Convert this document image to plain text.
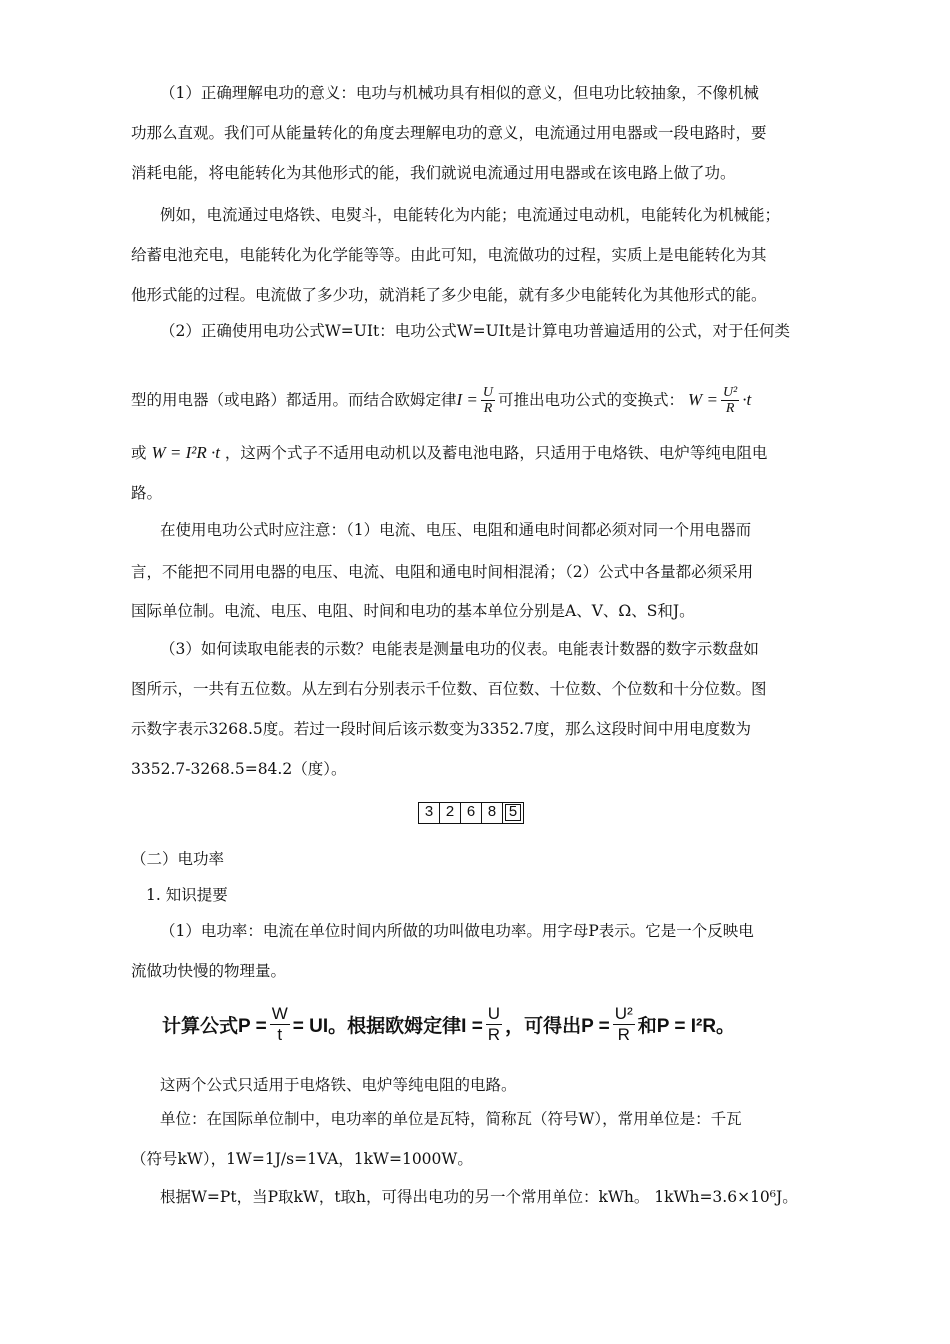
（1）正确理解电功的意义：电功与机械功具有相似的意义，但电功比较抽象，不像机械
功那么直观。我们可从能量转化的角度去理解电功的意义，电流通过用电器或一段电路时，要
消耗电能，将电能转化为其他形式的能，我们就说电流通过用电器或在该电路上做了功。
例如，电流通过电烙铁、电熨斗，电能转化为内能；电流通过电动机，电能转化为机械能；
给蓄电池充电，电能转化为化学能等等。由此可知，电流做功的过程，实质上是电能转化为其
他形式能的过程。电流做了多少功，就消耗了多少电能，就有多少电能转化为其他形式的能。
（2）正确使用电功公式W=UIt：电功公式W=UIt是计算电功普遍适用的公式，对于任何类
型的用电器（或电路）都适用。而结合欧姆定律 $I = \frac{U}{R}$ 可推出电功公式的变换式： $W = \frac{\text{U²}}{R} \cdot t$
或 W = I²R ·t ，这两个式子不适用电动机以及蓄电池电路，只适用于电烙铁、电炉等纯电阻电
路。
在使用电功公式时应注意：（1）电流、电压、电阻和通电时间都必须对同一个用电器而
言，不能把不同用电器的电压、电流、电阻和通电时间相混淆；（2）公式中各量都必须采用
国际单位制。电流、电压、电阻、时间和电功的基本单位分别是A、V、Ω、S和J。
（3）如何读取电能表的示数？电能表是测量电功的仪表。电能表计数器的数字示数盘如
图所示，一共有五位数。从左到右分别表示千位数、百位数、十位数、个位数和十分位数。图
示数字表示3268.5度。若过一段时间后该示数变为3352.7度，那么这段时间中用电度数为
3352.7-3268.5=84.2（度）。
3 2 6 8 5
（二）电功率
1. 知识提要
（1）电功率：电流在单位时间内所做的功叫做电功率。用字母P表示。它是一个反映电
流做功快慢的物理量。
计算公式$P = \frac{W}{t}$ = UI。根据欧姆定律$I = \frac{U}{R}$ ，可得出$P = \frac{\text{U²}}{R}$ 和P = I²R。
这两个公式只适用于电烙铁、电炉等纯电阻的电路。
单位：在国际单位制中，电功率的单位是瓦特，简称瓦（符号W），常用单位是：千瓦
（符号kW），1W=1J/s=1VA，1kW=1000W。
根据W=Pt，当P取kW，t取h，可得出电功的另一个常用单位：kWh。 1kWh=3.6×10⁶J。
